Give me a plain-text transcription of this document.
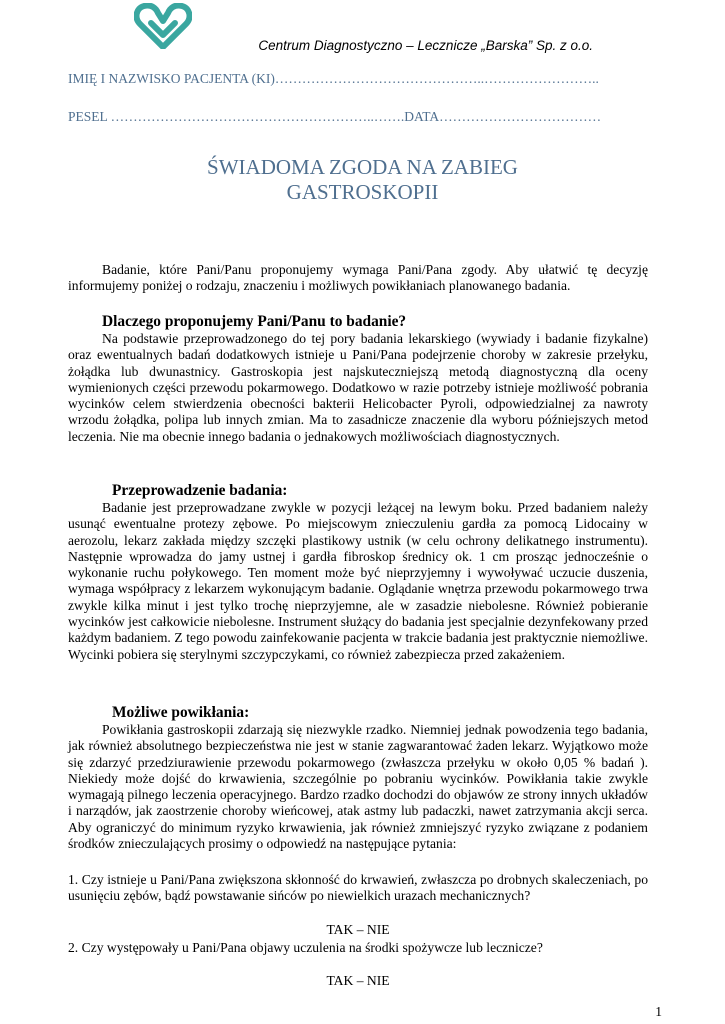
Centrum Diagnostyczno – Lecznicze „Barska” Sp. z o.o.
IMIĘ I NAZWISKO PACJENTA (KI)………………………………………..……………………..
PESEL …………………………………………………..…….DATA………………………………
ŚWIADOMA ZGODA NA ZABIEG
GASTROSKOPII
Badanie, które Pani/Panu proponujemy wymaga Pani/Pana zgody. Aby ułatwić tę decyzję informujemy poniżej o rodzaju, znaczeniu i możliwych powikłaniach planowanego badania.
Dlaczego proponujemy Pani/Panu to badanie?
Na podstawie przeprowadzonego do tej pory badania lekarskiego (wywiady i badanie fizykalne) oraz ewentualnych badań dodatkowych istnieje u Pani/Pana podejrzenie choroby w zakresie przełyku, żołądka lub dwunastnicy. Gastroskopia jest najskuteczniejszą metodą diagnostyczną dla oceny wymienionych części przewodu pokarmowego. Dodatkowo w razie potrzeby istnieje możliwość pobrania wycinków celem stwierdzenia obecności bakterii Helicobacter Pyroli, odpowiedzialnej za nawroty wrzodu żołądka, polipa lub innych zmian. Ma to zasadnicze znaczenie dla wyboru późniejszych metod leczenia. Nie ma obecnie innego badania o jednakowych możliwościach diagnostycznych.
Przeprowadzenie badania:
Badanie jest przeprowadzane zwykle w pozycji leżącej na lewym boku. Przed badaniem należy usunąć ewentualne protezy zębowe. Po miejscowym znieczuleniu gardła za pomocą Lidocainy w aerozolu, lekarz zakłada między szczęki plastikowy ustnik (w celu ochrony delikatnego instrumentu). Następnie wprowadza do jamy ustnej i gardła fibroskop średnicy ok. 1 cm prosząc jednocześnie o wykonanie ruchu połykowego. Ten moment może być nieprzyjemny i wywoływać uczucie duszenia, wymaga współpracy z lekarzem wykonującym badanie. Oglądanie wnętrza przewodu pokarmowego trwa zwykle kilka minut i jest tylko trochę nieprzyjemne, ale w zasadzie niebolesne. Również pobieranie wycinków jest całkowicie niebolesne. Instrument służący do badania jest specjalnie dezynfekowany przed każdym badaniem. Z tego powodu zainfekowanie pacjenta w trakcie badania jest praktycznie niemożliwe. Wycinki pobiera się sterylnymi szczypczykami, co również zabezpiecza przed zakażeniem.
Możliwe powikłania:
Powikłania gastroskopii zdarzają się niezwykle rzadko. Niemniej jednak powodzenia tego badania, jak również absolutnego bezpieczeństwa nie jest w stanie zagwarantować żaden lekarz. Wyjątkowo może się zdarzyć przedziurawienie przewodu pokarmowego (zwłaszcza przełyku w około 0,05 % badań ). Niekiedy może dojść do krwawienia, szczególnie po pobraniu wycinków. Powikłania takie zwykle wymagają pilnego leczenia operacyjnego. Bardzo rzadko dochodzi do objawów ze strony innych układów i narządów, jak zaostrzenie choroby wieńcowej, atak astmy lub padaczki, nawet zatrzymania akcji serca. Aby ograniczyć do minimum ryzyko krwawienia, jak również zmniejszyć ryzyko związane z podaniem środków znieczulających prosimy o odpowiedź na następujące pytania:
1. Czy istnieje u Pani/Pana zwiększona skłonność do krwawień, zwłaszcza po drobnych skaleczeniach, po usunięciu zębów, bądź powstawanie sińców po niewielkich urazach mechanicznych?
TAK – NIE
2. Czy występowały u Pani/Pana objawy uczulenia na środki spożywcze lub lecznicze?
TAK – NIE
1
